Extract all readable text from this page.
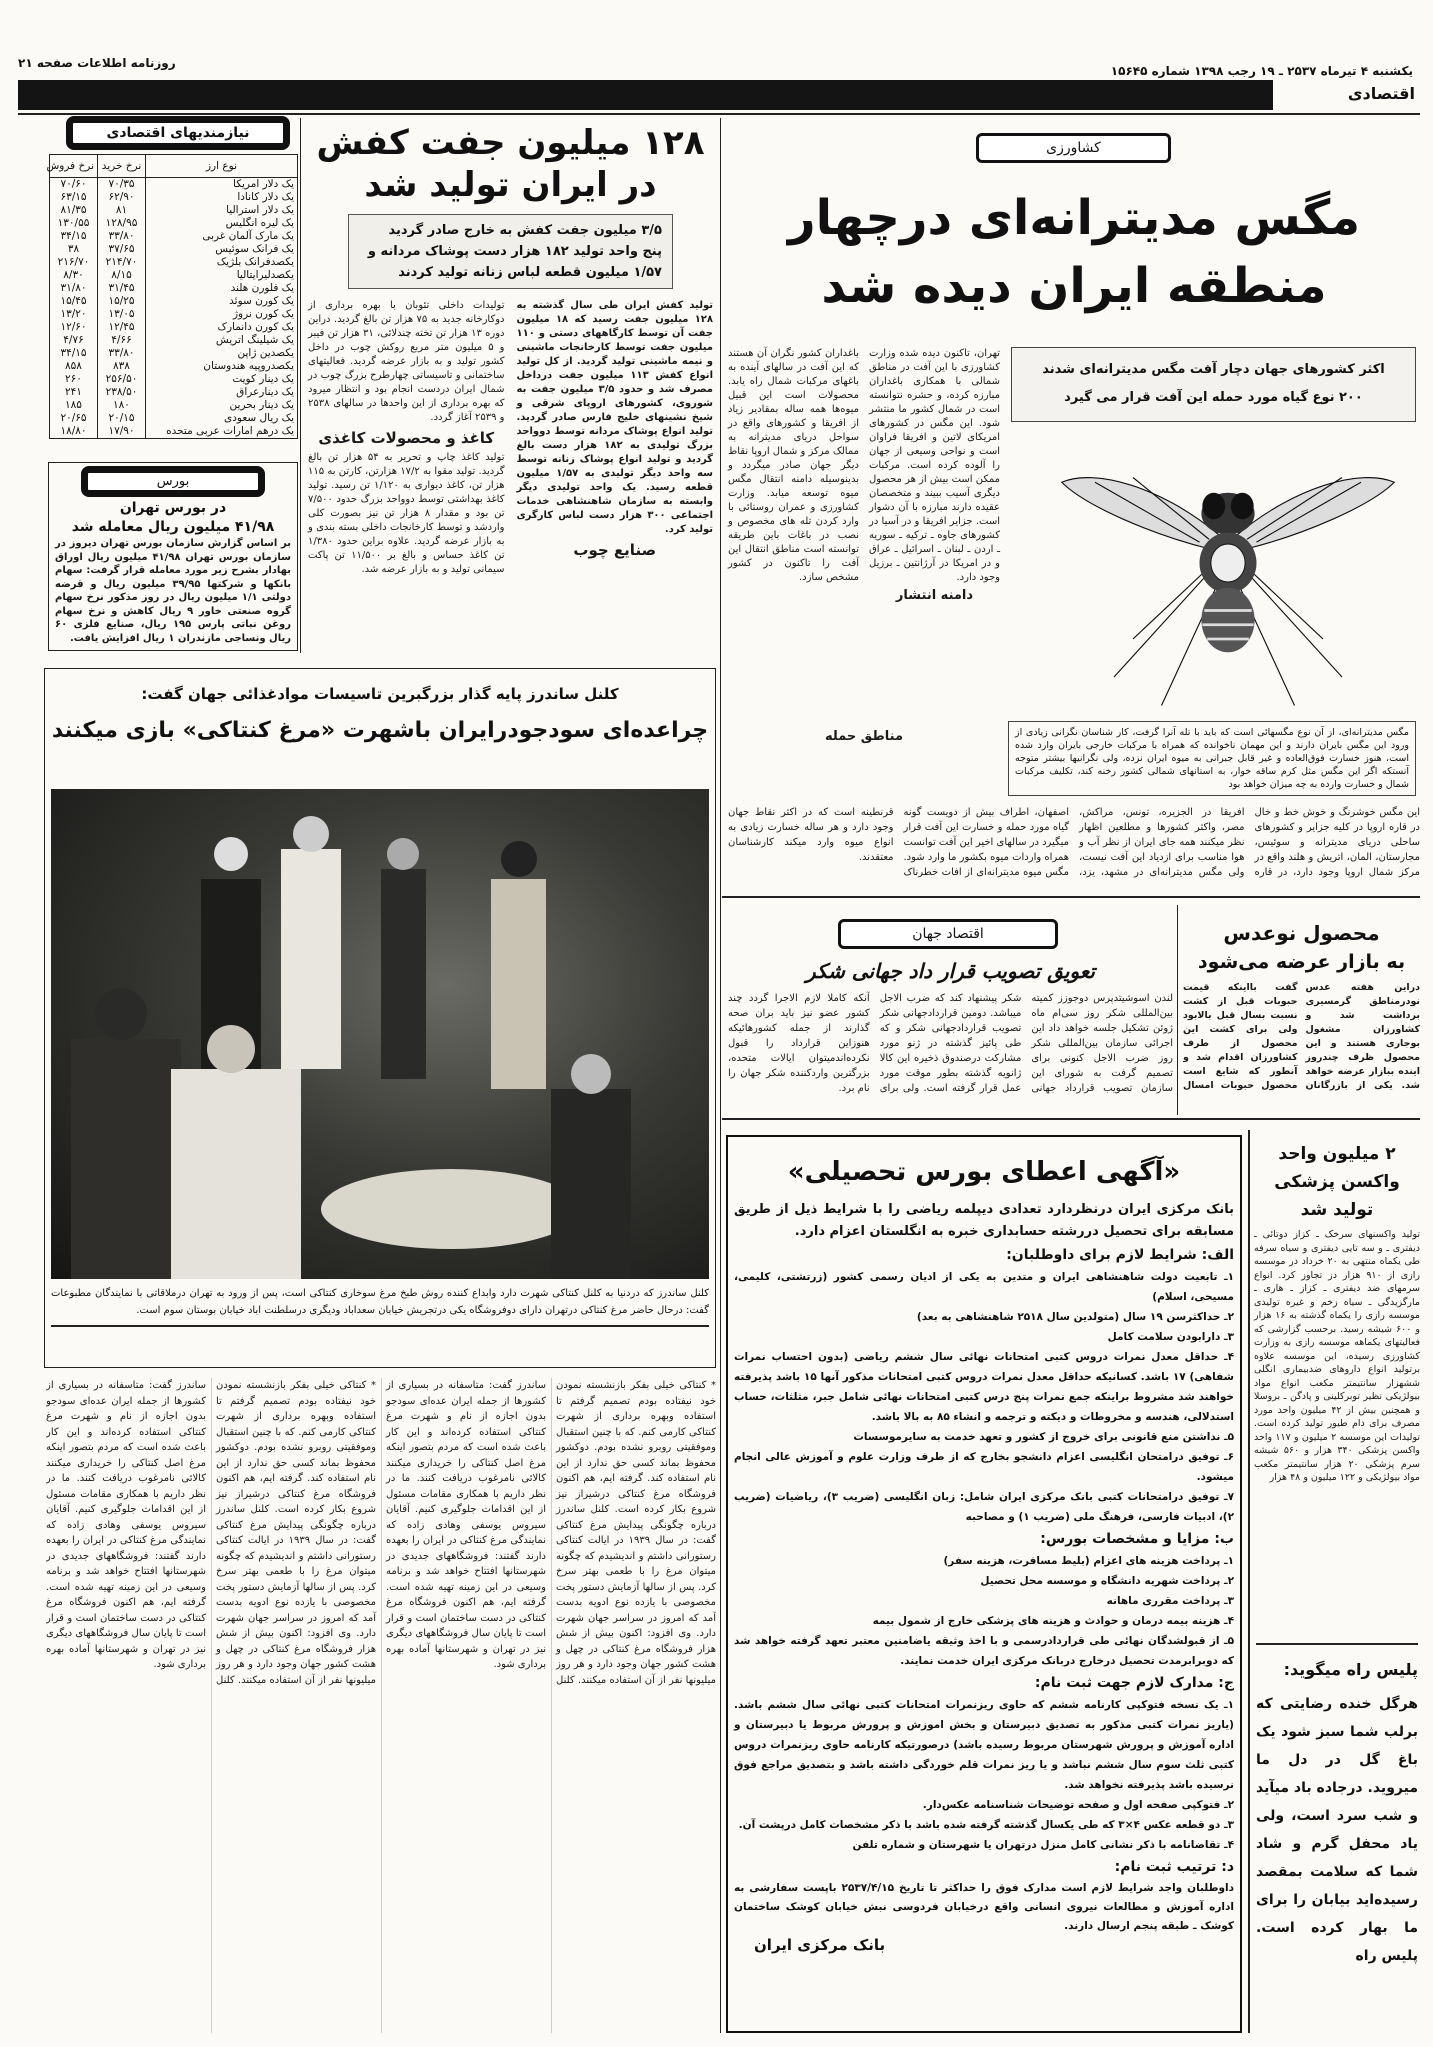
روزنامه اطلاعات صفحه ۲۱
یکشنبه ۴ تیرماه ۲۵۳۷ ـ ۱۹ رجب ۱۳۹۸ شماره ۱۵۶۴۵
اقتصادی
نیازمندیهای اقتصادی
نوع ارز	نرخ خرید	نرخ فروش
یک دلار امریکا	۷۰/۳۵	۷۰/۶۰
یک دلار کانادا	۶۲/۹۰	۶۳/۱۵
یک دلار استرالیا	۸۱	۸۱/۳۵
یک لیره انگلیس	۱۲۸/۹۵	۱۳۰/۵۵
یک مارک آلمان غربی	۳۳/۸۰	۳۴/۱۵
یک فرانک سوئیس	۳۷/۶۵	۳۸
یکصدفرانک بلژیک	۲۱۴/۷۰	۲۱۶/۷۰
یکصدلیرایتالیا	۸/۱۵	۸/۳۰
یک فلورن هلند	۳۱/۴۵	۳۱/۸۰
یک کورن سوئد	۱۵/۲۵	۱۵/۴۵
یک کورن نروژ	۱۳/۰۵	۱۳/۲۰
یک کورن دانمارک	۱۲/۴۵	۱۲/۶۰
یک شیلینگ اتریش	۴/۶۶	۴/۷۶
یکصدین ژاپن	۳۳/۸۰	۳۴/۱۵
یکصدروپیه هندوستان	۸۳۸	۸۵۸
یک دینار کویت	۲۵۶/۵۰	۲۶۰
یک دینارعراق	۲۳۸/۵۰	۲۴۱
یک دینار بحرین	۱۸۰	۱۸۵
یک ریال سعودی	۲۰/۱۵	۲۰/۶۵
یک درهم امارات عربی متحده	۱۷/۹۰	۱۸/۸۰
بورس
در بورس تهران
۴۱/۹۸ میلیون ریال معامله شد
بر اساس گزارش سازمان بورس تهران دیروز در سازمان بورس تهران ۴۱/۹۸ میلیون ریال اوراق بهادار بشرح زیر مورد معامله قرار گرفت: سهام بانکها و شرکتها ۳۹/۹۵ میلیون ریال و قرضه دولتی ۱/۱ میلیون ریال در روز مذکور نرخ سهام گروه صنعتی خاور ۹ ریال کاهش و نرخ سهام روغن نباتی پارس ۱۹۵ ریال، صنایع فلزی ۶۰ ریال ونساجی مازندران ۱ ریال افزایش یافت.
۱۲۸ میلیون جفت کفش در ایران تولید شد
۳/۵ میلیون جفت کفش به خارج صادر گردید
پنج واحد تولید ۱۸۲ هزار دست پوشاک مردانه و
۱/۵۷ میلیون قطعه لباس زنانه تولید کردند

تولید کفش ایران طی سال گذشته به ۱۲۸ میلیون جفت رسید که ۱۸ میلیون جفت آن توسط کارگاههای دستی و ۱۱۰ میلیون جفت توسط کارخانجات ماشینی و نیمه ماشینی تولید گردید. از کل تولید انواع کفش ۱۱۳ میلیون جفت درداخل مصرف شد و حدود ۳/۵ میلیون جفت به شوروی، کشورهای اروپای شرقی و شیخ نشینهای خلیج فارس صادر گردید. تولید انواع پوشاک مردانه توسط دوواحد بزرگ تولیدی به ۱۸۲ هزار دست بالغ گردید و تولید انواع پوشاک زنانه توسط سه واحد دیگر تولیدی به ۱/۵۷ میلیون قطعه رسید. یک واحد تولیدی دیگر وابسته به سازمان شاهنشاهی خدمات اجتماعی ۳۰۰ هزار دست لباس کارگری تولید کرد.

صنایع چوب

تولیدات داخلی تئوبان با بهره برداری از دوکارخانه جدید به ۷۵ هزار تن بالغ گردید. دراین دوره ۱۳ هزار تن تخته چندلائی، ۳۱ هزار تن فیبر و ۵ میلیون متر مربع روکش چوب در داخل کشور تولید و به بازار عرضه گردید. فعالیتهای ساختمانی و تاسیساتی چهارطرح بزرگ چوب در شمال ایران دردست انجام بود و انتظار میرود که بهره برداری از این واحدها در سالهای ۲۵۳۸ و ۲۵۳۹ آغاز گردد.

کاغذ و محصولات کاغذی

تولید کاغذ چاپ و تحریر به ۵۴ هزار تن بالغ گردید. تولید مقوا به ۱۷/۲ هزارتن، کارتن به ۱۱۵ هزار تن، کاغذ دیواری به ۱/۱۲۰ تن رسید. تولید کاغذ بهداشتی توسط دوواحد بزرگ حدود ۷/۵۰۰ تن بود و مقدار ۸ هزار تن نیز بصورت کلی واردشد و توسط کارخانجات داخلی بسته بندی و به بازار عرضه گردید. علاوه براین حدود ۱/۳۸۰ تن کاغذ حساس و بالغ بر ۱۱/۵۰۰ تن پاکت سیمانی تولید و به بازار عرضه شد.

کشاورزی
مگس مدیترانه‌ای درچهار
منطقه ایران دیده شد
اکثر کشورهای جهان دچار آفت مگس مدیترانه‌ای شدند
۲۰۰ نوع گیاه مورد حمله این آفت قرار می گیرد

تهران، تاکنون دیده شده وزارت کشاورزی با این آفت در مناطق شمالی با همکاری باغداران مبارزه کرده، و حشره نتوانسته است در شمال کشور ما منتشر شود. این مگس در کشورهای امریکای لاتین و افریقا فراوان است و نواحی وسیعی از جهان را آلوده کرده است. مرکبات ممکن است بیش از هر محصول دیگری آسیب ببیند و متخصصان عقیده دارند مبارزه با آن دشوار است. جزایر افریقا و در آسیا در کشورهای جاوه ـ ترکیه ـ سوریه ـ اردن ـ لبنان ـ اسرائیل ـ عراق و در امریکا در آرژانتین ـ برزیل وجود دارد.

دامنه انتشار

باغداران کشور نگران آن هستند که این آفت در سالهای آینده به باغهای مرکبات شمال راه یابد. محصولات است این قبیل میوه‌ها همه ساله بمقادیر زیاد از افریقا و کشورهای واقع در سواحل دریای مدیترانه به ممالک مرکز و شمال اروپا نقاط دیگر جهان صادر میگردد و بدینوسیله دامنه انتقال مگس میوه توسعه میابد. وزارت کشاورزی و عمران روستائی با وارد کردن تله های مخصوص و نصب در باغات باین طریقه توانسته است مناطق انتقال این آفت را تاکنون در کشور مشخص سازد.

مگس مدیترانه‌ای، از آن نوع مگسهائی است که باید با تله آنرا گرفت، کار شناسان نگرانی زیادی از ورود این مگس بایران دارند و این مهمان ناخوانده که همراه با مرکبات خارجی بایران وارد شده است، هنوز خسارت فوق‌العاده و غیر قابل جبرانی به میوه ایران نزده، ولی نگرانیها بیشتر متوجه آنستکه اگر این مگس مثل کرم ساقه خوار، به استانهای شمالی کشور رخنه کند، تکلیف مرکبات شمال و خسارت وارده به چه میزان خواهد بود
مناطق حمله

این مگس خوشرنگ و خوش خط و خال در قاره اروپا در کلیه جزایر و کشورهای ساحلی دریای مدیترانه و سوئیس، مجارستان، المان، اتریش و هلند واقع در مرکز شمال اروپا وجود دارد، در قاره افریقا در الجزیره، تونس، مراکش، مصر، واکثر کشورها و مطلعین اظهار نظر میکنند همه جای ایران از نظر آب و هوا مناسب برای ازدیاد این آفت نیست، ولی مگس مدیترانه‌ای در مشهد، یزد، اصفهان، اطراف بیش از دویست گونه گیاه مورد حمله و خسارت این آفت قرار میگیرد در سالهای اخیر این آفت توانست همراه واردات میوه بکشور ما وارد شود. مگس میوه مدیترانه‌ای از افات خطرناک قرنطینه است که در اکثر نقاط جهان وجود دارد و هر ساله خسارت زیادی به انواع میوه وارد میکند کارشناسان معتقدند.

کلنل ساندرز پایه گذار بزرگبرین تاسیسات موادغذائی جهان گفت:
چراعده‌ای سودجودرایران باشهرت «مرغ کنتاکی» بازی میکنند
کلنل ساندرز که دردنیا به کلنل کنتاکی شهرت دارد وابداع کننده روش طبخ مرغ سوخاری کنتاکی است، پس از ورود به تهران درملاقاتی با نمایندگان مطبوعات گفت: درحال حاضر مرغ کنتاکی درتهران دارای دوفروشگاه یکی درتجریش خیابان سعداباد ودیگری درسلطنت اباد خیابان بوستان سوم است.

* کنتاکی خیلی بفکر بازنشسته نمودن خود نیفتاده بودم تصمیم گرفتم تا استفاده وبهره برداری از شهرت کنتاکی کارمی کنم. که با چنین استقبال وموفقیتی روبرو نشده بودم. دوکشور محفوظ بماند کسی حق ندارد از این نام استفاده کند. گرفته ایم، هم اکنون فروشگاه مرغ کنتاکی درشیراز نیز شروع بکار کرده است. کلنل ساندرز درباره چگونگی پیدایش مرغ کنتاکی گفت: در سال ۱۹۳۹ در ایالت کنتاکی رستورانی داشتم و اندیشیدم که چگونه میتوان مرغ را با طعمی بهتر سرخ کرد. پس از سالها آزمایش دستور پخت مخصوصی با یازده نوع ادویه بدست آمد که امروز در سراسر جهان شهرت دارد. وی افزود: اکنون بیش از شش هزار فروشگاه مرغ کنتاکی در چهل و هشت کشور جهان وجود دارد و هر روز میلیونها نفر از آن استفاده میکنند. کلنل ساندرز گفت: متاسفانه در بسیاری از کشورها از جمله ایران عده‌ای سودجو بدون اجازه از نام و شهرت مرغ کنتاکی استفاده کرده‌اند و این کار باعث شده است که مردم بتصور اینکه مرغ اصل کنتاکی را خریداری میکنند کالائی نامرغوب دریافت کنند. ما در نظر داریم با همکاری مقامات مسئول از این اقدامات جلوگیری کنیم. آقایان سیروس یوسفی وهادی زاده که نمایندگی مرغ کنتاکی در ایران را بعهده دارند گفتند: فروشگاههای جدیدی در شهرستانها افتتاح خواهد شد و برنامه وسیعی در این زمینه تهیه شده است. گرفته ایم، هم اکنون فروشگاه مرغ کنتاکی در دست ساختمان است و قرار است تا پایان سال فروشگاههای دیگری نیز در تهران و شهرستانها آماده بهره برداری شود.

* کنتاکی خیلی بفکر بازنشسته نمودن خود نیفتاده بودم تصمیم گرفتم تا استفاده وبهره برداری از شهرت کنتاکی کارمی کنم. که با چنین استقبال وموفقیتی روبرو نشده بودم. دوکشور محفوظ بماند کسی حق ندارد از این نام استفاده کند. گرفته ایم، هم اکنون فروشگاه مرغ کنتاکی درشیراز نیز شروع بکار کرده است. کلنل ساندرز درباره چگونگی پیدایش مرغ کنتاکی گفت: در سال ۱۹۳۹ در ایالت کنتاکی رستورانی داشتم و اندیشیدم که چگونه میتوان مرغ را با طعمی بهتر سرخ کرد. پس از سالها آزمایش دستور پخت مخصوصی با یازده نوع ادویه بدست آمد که امروز در سراسر جهان شهرت دارد. وی افزود: اکنون بیش از شش هزار فروشگاه مرغ کنتاکی در چهل و هشت کشور جهان وجود دارد و هر روز میلیونها نفر از آن استفاده میکنند. کلنل ساندرز گفت: متاسفانه در بسیاری از کشورها از جمله ایران عده‌ای سودجو بدون اجازه از نام و شهرت مرغ کنتاکی استفاده کرده‌اند و این کار باعث شده است که مردم بتصور اینکه مرغ اصل کنتاکی را خریداری میکنند کالائی نامرغوب دریافت کنند. ما در نظر داریم با همکاری مقامات مسئول از این اقدامات جلوگیری کنیم. آقایان سیروس یوسفی وهادی زاده که نمایندگی مرغ کنتاکی در ایران را بعهده دارند گفتند: فروشگاههای جدیدی در شهرستانها افتتاح خواهد شد و برنامه وسیعی در این زمینه تهیه شده است. گرفته ایم، هم اکنون فروشگاه مرغ کنتاکی در دست ساختمان است و قرار است تا پایان سال فروشگاههای دیگری نیز در تهران و شهرستانها آماده بهره برداری شود.

اقتصاد جهان
تعویق تصویب قرار داد جهانی شکر

لندن اسوشیتدپرس دوجوزز کمیته بین‌المللی شکر روز سی‌ام ماه ژوئن تشکیل جلسه خواهد داد این اجرائی سازمان بین‌المللی شکر روز ضرب الاجل کنونی برای تصمیم گرفت به شورای این سازمان تصویب قرارداد جهانی شکر پیشنهاد کند که ضرب الاجل میباشد. دومین قراردادجهانی شکر تصویب قراردادجهانی شکر و که طی پائیز گذشته در ژنو مورد مشارکت درصندوق ذخیره این کالا ژانویه گذشته بطور موقت مورد عمل قرار گرفته است. ولی برای آنکه کاملا لازم الاجرا گردد چند کشور عضو نیز باید بران صحه گذارند از جمله کشورهائیکه هنوزاین قرارداد را قبول نکرده‌اندمیتوان ایالات متحده، بزرگترین واردکننده شکر جهان را نام برد.

محصول نوعدس
به بازار عرضه می‌شود
دراین هفته عدس نودرمناطق گرمسیری برداشت شد و کشاورزان مشغول بوجاری هستند و این محصول ظرف چندروز اینده ببازار عرضه خواهد شد. یکی از بازرگانان گفت بااینکه قیمت حبوبات قبل از کشت نسبت بسال قبل بالابود ولی برای کشت این محصول از طرف کشاورزان اقدام شد و آنطور که شایع است محصول حبوبات امسال
«آگهی اعطای بورس تحصیلی»
بانک مرکزی ایران درنظردارد تعدادی دیپلمه ریاضی را با شرایط ذیل از طریق مسابقه برای تحصیل دررشته حسابداری خبره به انگلستان اعزام دارد.
الف: شرایط لازم برای داوطلبان:
۱ـ تابعیت دولت شاهنشاهی ایران و متدین به یکی از ادیان رسمی کشور (زرتشتی، کلیمی، مسیحی، اسلام)
۲ـ حداکثرسن ۱۹ سال (متولدین سال ۲۵۱۸ شاهنشاهی به بعد)
۳ـ دارابودن سلامت کامل
۴ـ حداقل معدل نمرات دروس کتبی امتحانات نهائی سال ششم ریاضی (بدون احتساب نمرات شفاهی) ۱۷ باشد. کسانیکه حداقل معدل نمرات دروس کتبی امتحانات مذکور آنها ۱۵ باشد پذیرفته خواهند شد مشروط براینکه جمع نمرات پنج درس کتبی امتحانات نهائی شامل جبر، مثلثات، حساب استدلالی، هندسه و مخروطات و دیکته و ترجمه و انشاء ۸۵ به بالا باشد.
۵ـ نداشتن منع قانونی برای خروج از کشور و تعهد خدمت به سایرموسسات
۶ـ توفیق درامتحان انگلیسی اعزام دانشجو بخارج که از طرف وزارت علوم و آموزش عالی انجام میشود.
۷ـ توفیق درامتحانات کتبی بانک مرکزی ایران شامل: زبان انگلیسی (ضریب ۳)، ریاضیات (ضریب ۲)، ادبیات فارسی، فرهنگ ملی (ضریب ۱) و مصاحبه
ب: مزایا و مشخصات بورس:
۱ـ پرداخت هزینه های اعزام (بلیط مسافرت، هزینه سفر)
۲ـ پرداخت شهریه دانشگاه و موسسه محل تحصیل
۳ـ پرداخت مقرری ماهانه
۴ـ هزینه بیمه درمان و حوادث و هزینه های پزشکی خارج از شمول بیمه
۵ـ از قبولشدگان نهائی طی قراردادرسمی و با اخذ وثیقه یاضامنین معتبر تعهد گرفته خواهد شد که دوبرابرمدت تحصیل درخارج دربانک مرکزی ایران خدمت نمایند.
ج: مدارک لازم جهت ثبت نام:
۱ـ یک نسخه فتوکپی کارنامه ششم که حاوی ریزنمرات امتحانات کتبی نهائی سال ششم باشد. (یاریز نمرات کتبی مذکور به تصدیق دبیرستان و بخش اموزش و پرورش مربوط یا دبیرستان و اداره آموزش و پرورش شهرستان مربوط رسیده باشد) درصورتیکه کارنامه حاوی ریزنمرات دروس کتبی ثلث سوم سال ششم نباشد و یا ریز نمرات قلم خوردگی داشته باشد و بتصدیق مراجع فوق نرسیده باشد پذیرفته نخواهد شد.
۲ـ فتوکپی صفحه اول و صفحه توضیحات شناسنامه عکس‌دار.
۳ـ دو قطعه عکس ۴×۳ که طی یکسال گذشته گرفته شده باشد با ذکر مشخصات کامل درپشت آن.
۴ـ تقاضانامه با ذکر نشانی کامل منزل درتهران یا شهرستان و شماره تلفن
د: ترتیب ثبت نام:
داوطلبان واجد شرایط لازم است مدارک فوق را حداکثر تا تاریخ ۲۵۳۷/۴/۱۵ باپست سفارشی به اداره آموزش و مطالعات نیروی انسانی واقع درخیابان فردوسی نبش خیابان کوشک ساختمان کوشک ـ طبقه پنجم ارسال دارند.
بانک مرکزی ایران
۲ میلیون واحد
واکسن پزشکی
تولید شد
تولید واکسنهای سرخک ـ کزاز دوتائی ـ دیفتری ـ و سه تایی دیفتری و سیاه سرفه طی یکماه منتهی به ۲۰ خرداد در موسسه رازی از ۹۱۰ هزار دز تجاوز کرد. انواع سرمهای ضد دیفتری ـ کزاز ـ هاری ـ مارگزیدگی ـ سیاه زخم و غیره تولیدی موسسه رازی را یکماه گذشته به ۱۶ هزار و ۶۰۰ شیشه رسید. برحسب گزارشی که فعالیتهای یکماهه موسسه رازی به وزارت کشاورزی رسیده، این موسسه علاوه برتولید انواع داروهای ضدبیماری انگلی ششهزار سانتیمتر مکعب انواع مواد بیولژیکی نظیر توبرکلینی و پادگن ـ بروسلا و همچنین بیش از ۴۲ میلیون واحد مورد مصرف برای دام طیور تولید کرده است. تولیدات این موسسه ۲ میلیون و ۱۱۷ واحد واکسن پزشکی ۳۴۰ هزار و ۵۶۰ شیشه سرم پزشکی ۲۰ هزار سانتیمتر مکعب مواد بیولژیکی و ۱۲۲ میلیون و ۴۸ هزار
پلیس راه میگوید:
هرگل خنده رضایتی که برلب شما سبز شود یک باغ گل در دل ما میروید. درجاده باد میآید و شب سرد است، ولی یاد محفل گرم و شاد شما که سلامت بمقصد رسیده‌اید بیابان را برای ما بهار کرده است. پلیس راه
